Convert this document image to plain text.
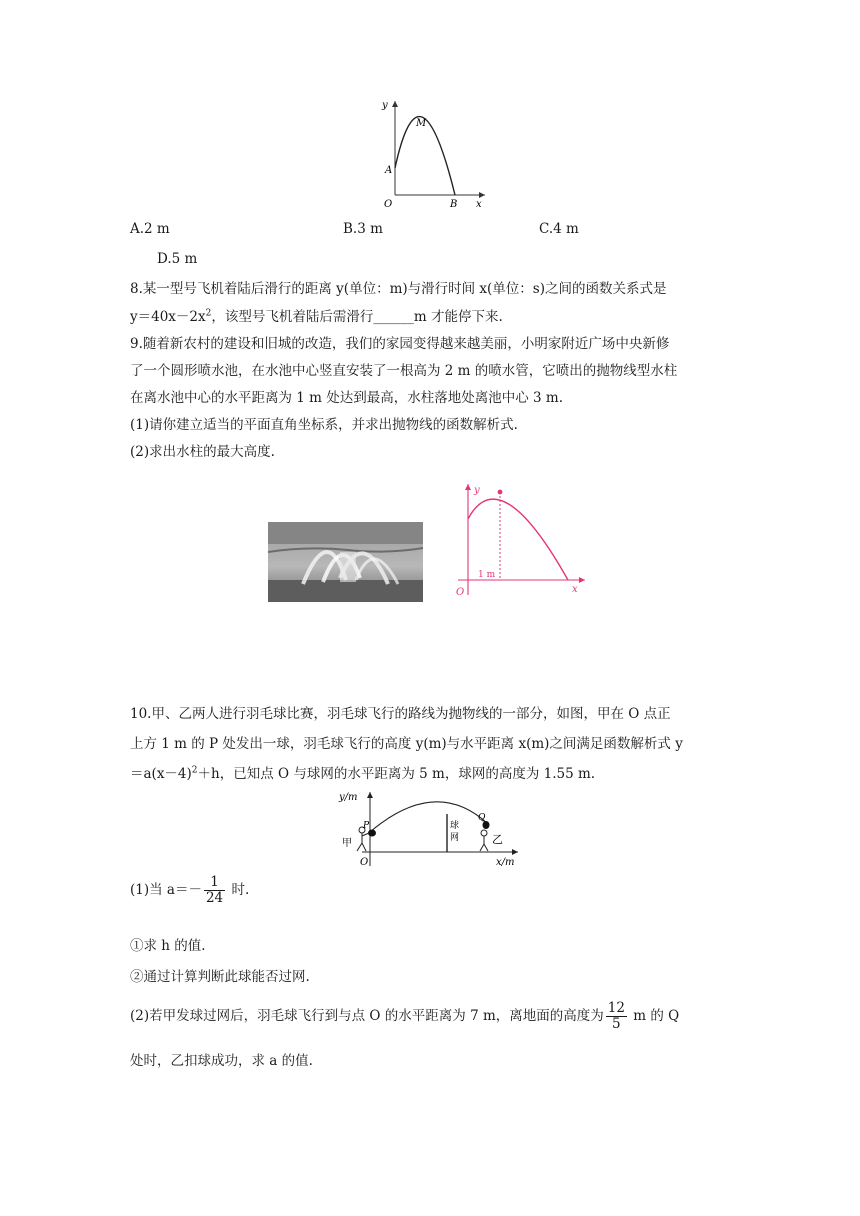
y
x
M
A
O	B
A.2 m	B.3 m	C.4 m
D.5 m
8.某一型号飞机着陆后滑行的距离 y(单位：m)与滑行时间 x(单位：s)之间的函数关系式是
$y=40x-2x^2$，该型号飞机着陆后需滑行______m 才能停下来.
9.随着新农村的建设和旧城的改造，我们的家园变得越来越美丽，小明家附近广场中央新修
了一个圆形喷水池，在水池中心竖直安装了一根高为 2 m 的喷水管，它喷出的抛物线型水柱
在离水池中心的水平距离为 1 m 处达到最高，水柱落地处离池中心 3 m.
(1)请你建立适当的平面直角坐标系，并求出抛物线的函数解析式.
(2)求出水柱的最大高度.
y
x
O
1 m
10.甲、乙两人进行羽毛球比赛，羽毛球飞行的路线为抛物线的一部分，如图，甲在 O 点正
上方 1 m 的 P 处发出一球，羽毛球飞行的高度 y(m)与水平距离 x(m)之间满足函数解析式 y
$=a(x-4)^2+h$，已知点 O 与球网的水平距离为 5 m，球网的高度为 1.55 m.
球
网
甲	乙
y/m
x/m
O
P
Q
(1)当 $a=- \frac{1}{24}$ 时.
①求 h 的值.
②通过计算判断此球能否过网.
(2)若甲发球过网后，羽毛球飞行到与点 O 的水平距离为 7 m，离地面的高度为 $\frac{12}{5}$ m 的 Q
处时，乙扣球成功，求 a 的值.
